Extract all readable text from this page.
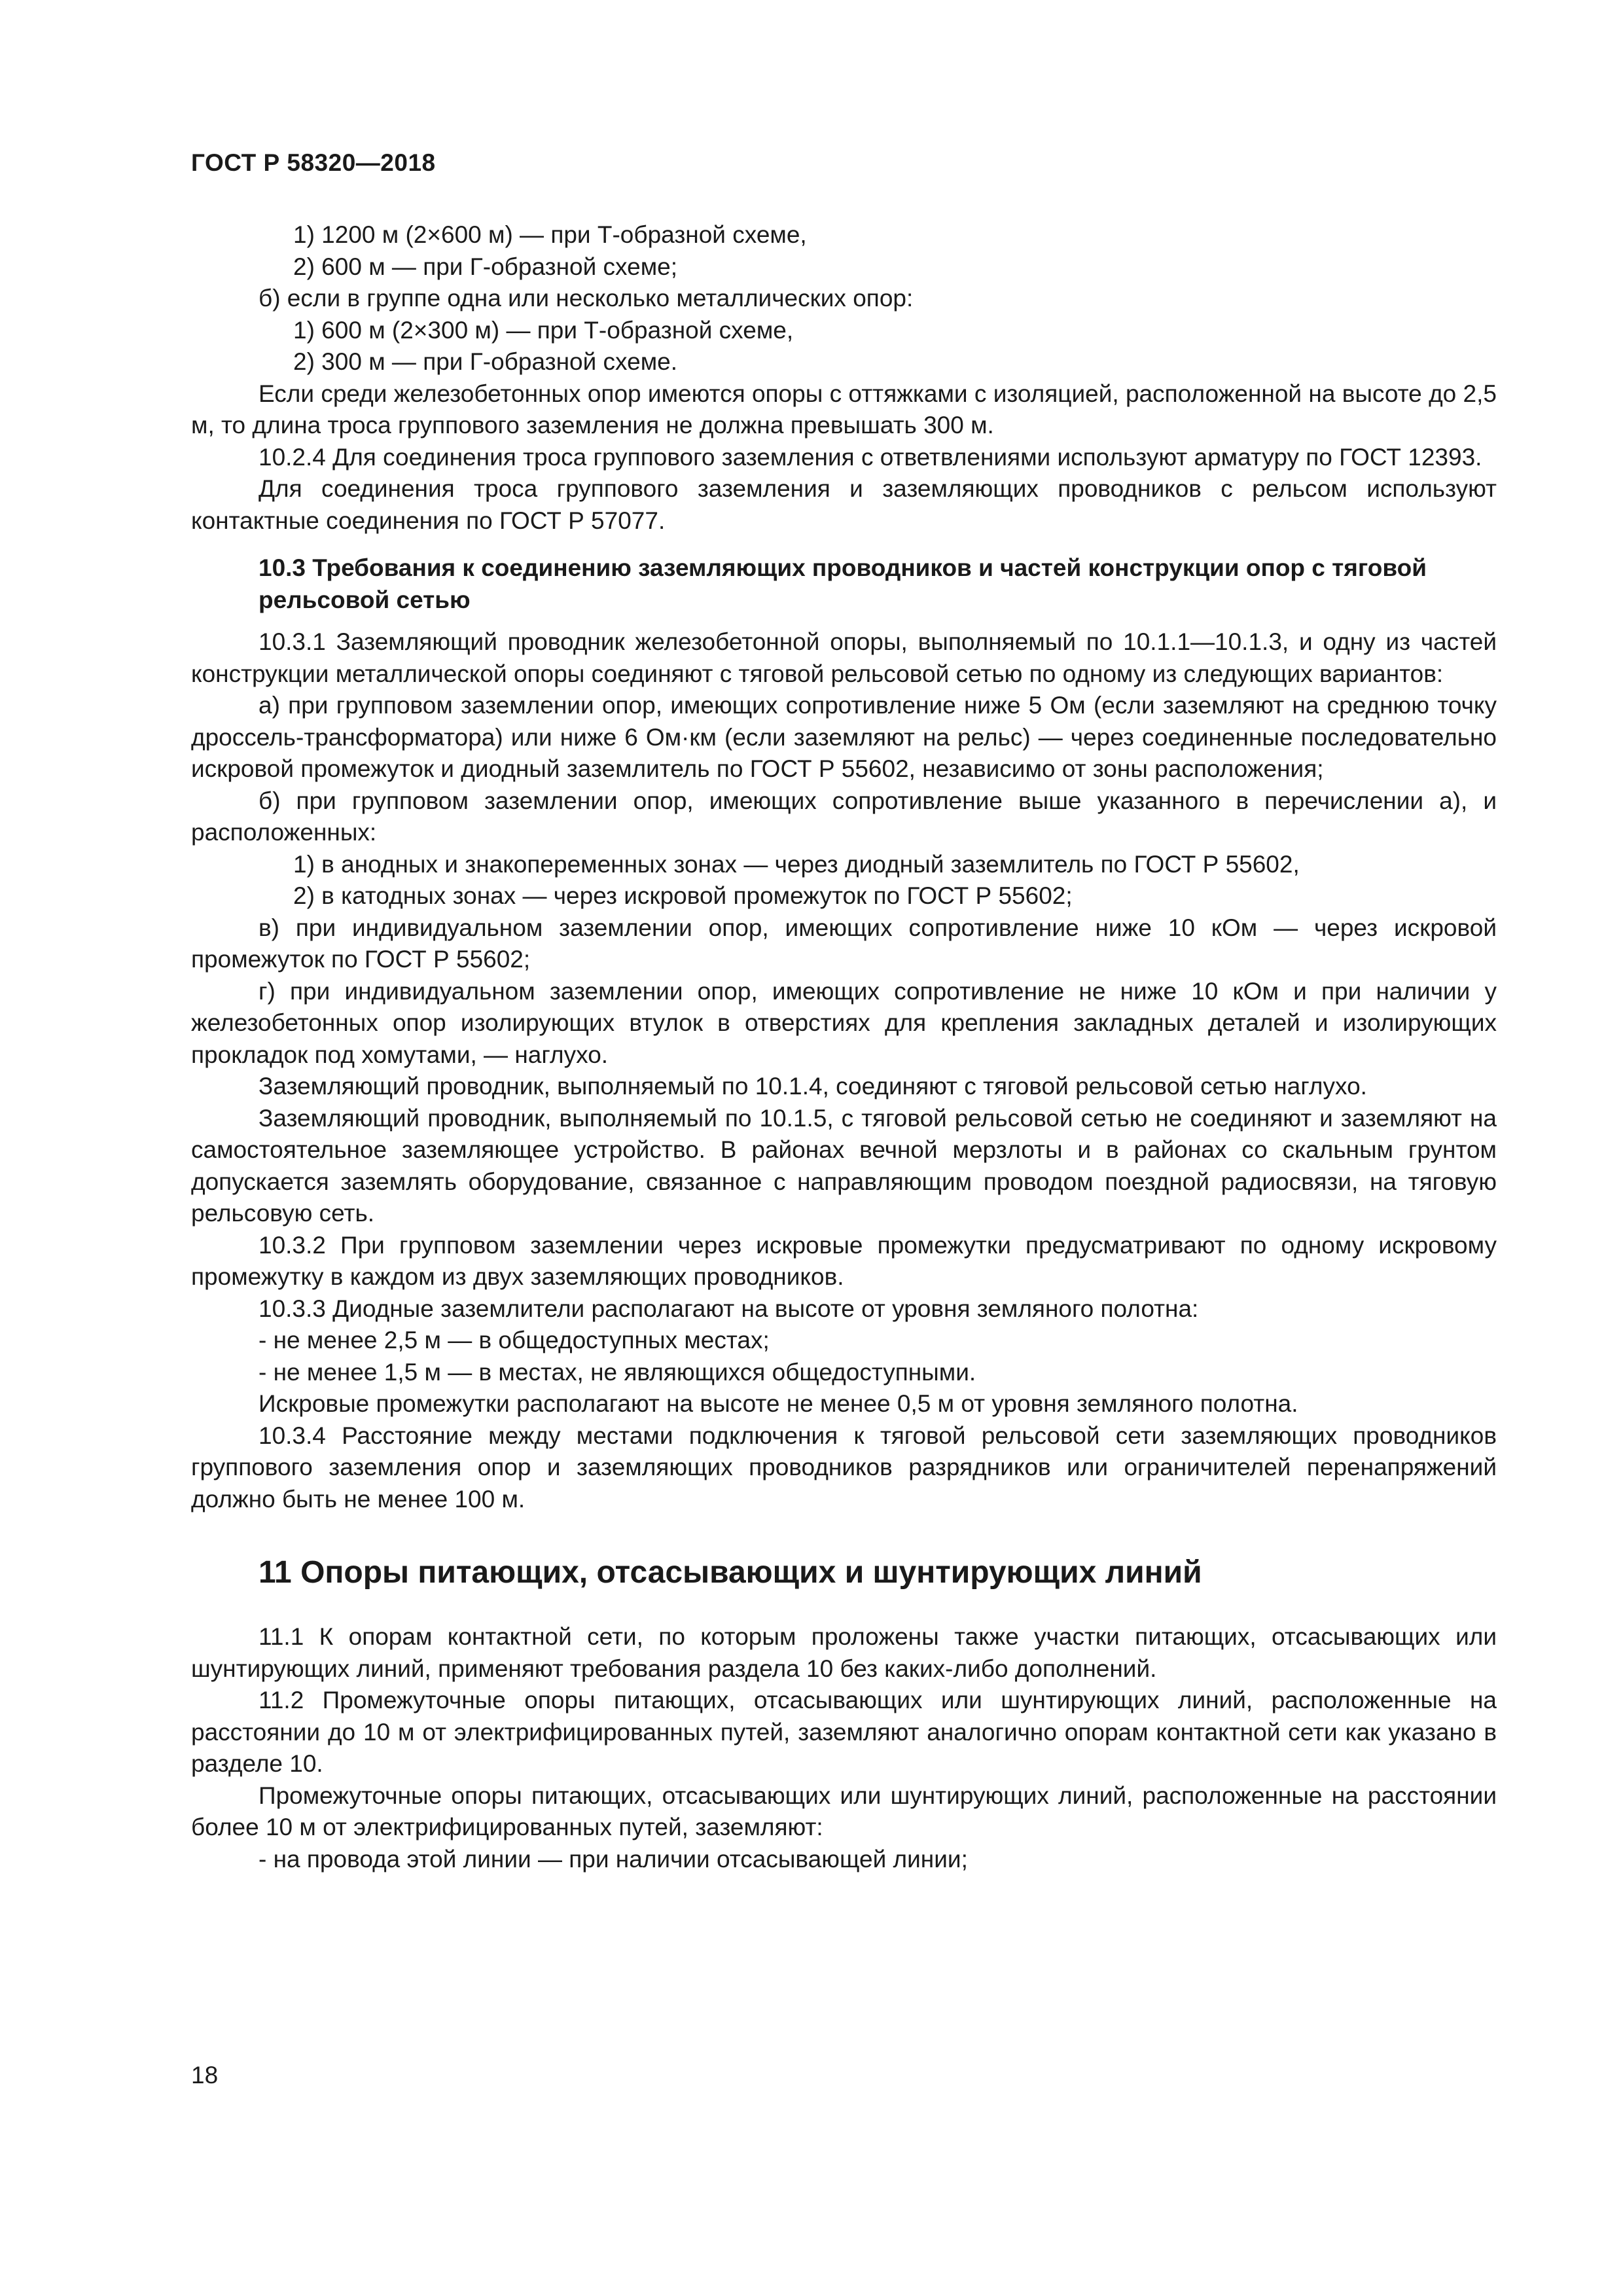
ГОСТ Р 58320—2018

1) 1200 м (2×600 м) — при Т-образной схеме,

2) 600 м — при Г-образной схеме;

б) если в группе одна или несколько металлических опор:

1) 600 м (2×300 м) — при Т-образной схеме,

2) 300 м — при Г-образной схеме.

Если среди железобетонных опор имеются опоры с оттяжками с изоляцией, расположенной на высоте до 2,5 м, то длина троса группового заземления не должна превышать 300 м.

10.2.4 Для соединения троса группового заземления с ответвлениями используют арматуру по ГОСТ 12393.

Для соединения троса группового заземления и заземляющих проводников с рельсом используют контактные соединения по ГОСТ Р 57077.

10.3 Требования к соединению заземляющих проводников и частей конструкции опор с тяговой рельсовой сетью

10.3.1 Заземляющий проводник железобетонной опоры, выполняемый по 10.1.1—10.1.3, и одну из частей конструкции металлической опоры соединяют с тяговой рельсовой сетью по одному из следующих вариантов:

а) при групповом заземлении опор, имеющих сопротивление ниже 5 Ом (если заземляют на среднюю точку дроссель-трансформатора) или ниже 6 Ом·км (если заземляют на рельс) — через соединенные последовательно искровой промежуток и диодный заземлитель по ГОСТ Р 55602, независимо от зоны расположения;

б) при групповом заземлении опор, имеющих сопротивление выше указанного в перечислении а), и расположенных:

1) в анодных и знакопеременных зонах — через диодный заземлитель по ГОСТ Р 55602,

2) в катодных зонах — через искровой промежуток по ГОСТ Р 55602;

в) при индивидуальном заземлении опор, имеющих сопротивление ниже 10 кОм — через искровой промежуток по ГОСТ Р 55602;

г) при индивидуальном заземлении опор, имеющих сопротивление не ниже 10 кОм и при наличии у железобетонных опор изолирующих втулок в отверстиях для крепления закладных деталей и изолирующих прокладок под хомутами, — наглухо.

Заземляющий проводник, выполняемый по 10.1.4, соединяют с тяговой рельсовой сетью наглухо.

Заземляющий проводник, выполняемый по 10.1.5, с тяговой рельсовой сетью не соединяют и заземляют на самостоятельное заземляющее устройство. В районах вечной мерзлоты и в районах со скальным грунтом допускается заземлять оборудование, связанное с направляющим проводом поездной радиосвязи, на тяговую рельсовую сеть.

10.3.2 При групповом заземлении через искровые промежутки предусматривают по одному искровому промежутку в каждом из двух заземляющих проводников.

10.3.3 Диодные заземлители располагают на высоте от уровня земляного полотна:

- не менее 2,5 м — в общедоступных местах;

- не менее 1,5 м — в местах, не являющихся общедоступными.

Искровые промежутки располагают на высоте не менее 0,5 м от уровня земляного полотна.

10.3.4 Расстояние между местами подключения к тяговой рельсовой сети заземляющих проводников группового заземления опор и заземляющих проводников разрядников или ограничителей перенапряжений должно быть не менее 100 м.

11 Опоры питающих, отсасывающих и шунтирующих линий

11.1 К опорам контактной сети, по которым проложены также участки питающих, отсасывающих или шунтирующих линий, применяют требования раздела 10 без каких-либо дополнений.

11.2 Промежуточные опоры питающих, отсасывающих или шунтирующих линий, расположенные на расстоянии до 10 м от электрифицированных путей, заземляют аналогично опорам контактной сети как указано в разделе 10.

Промежуточные опоры питающих, отсасывающих или шунтирующих линий, расположенные на расстоянии более 10 м от электрифицированных путей, заземляют:

- на провода этой линии — при наличии отсасывающей линии;

18
